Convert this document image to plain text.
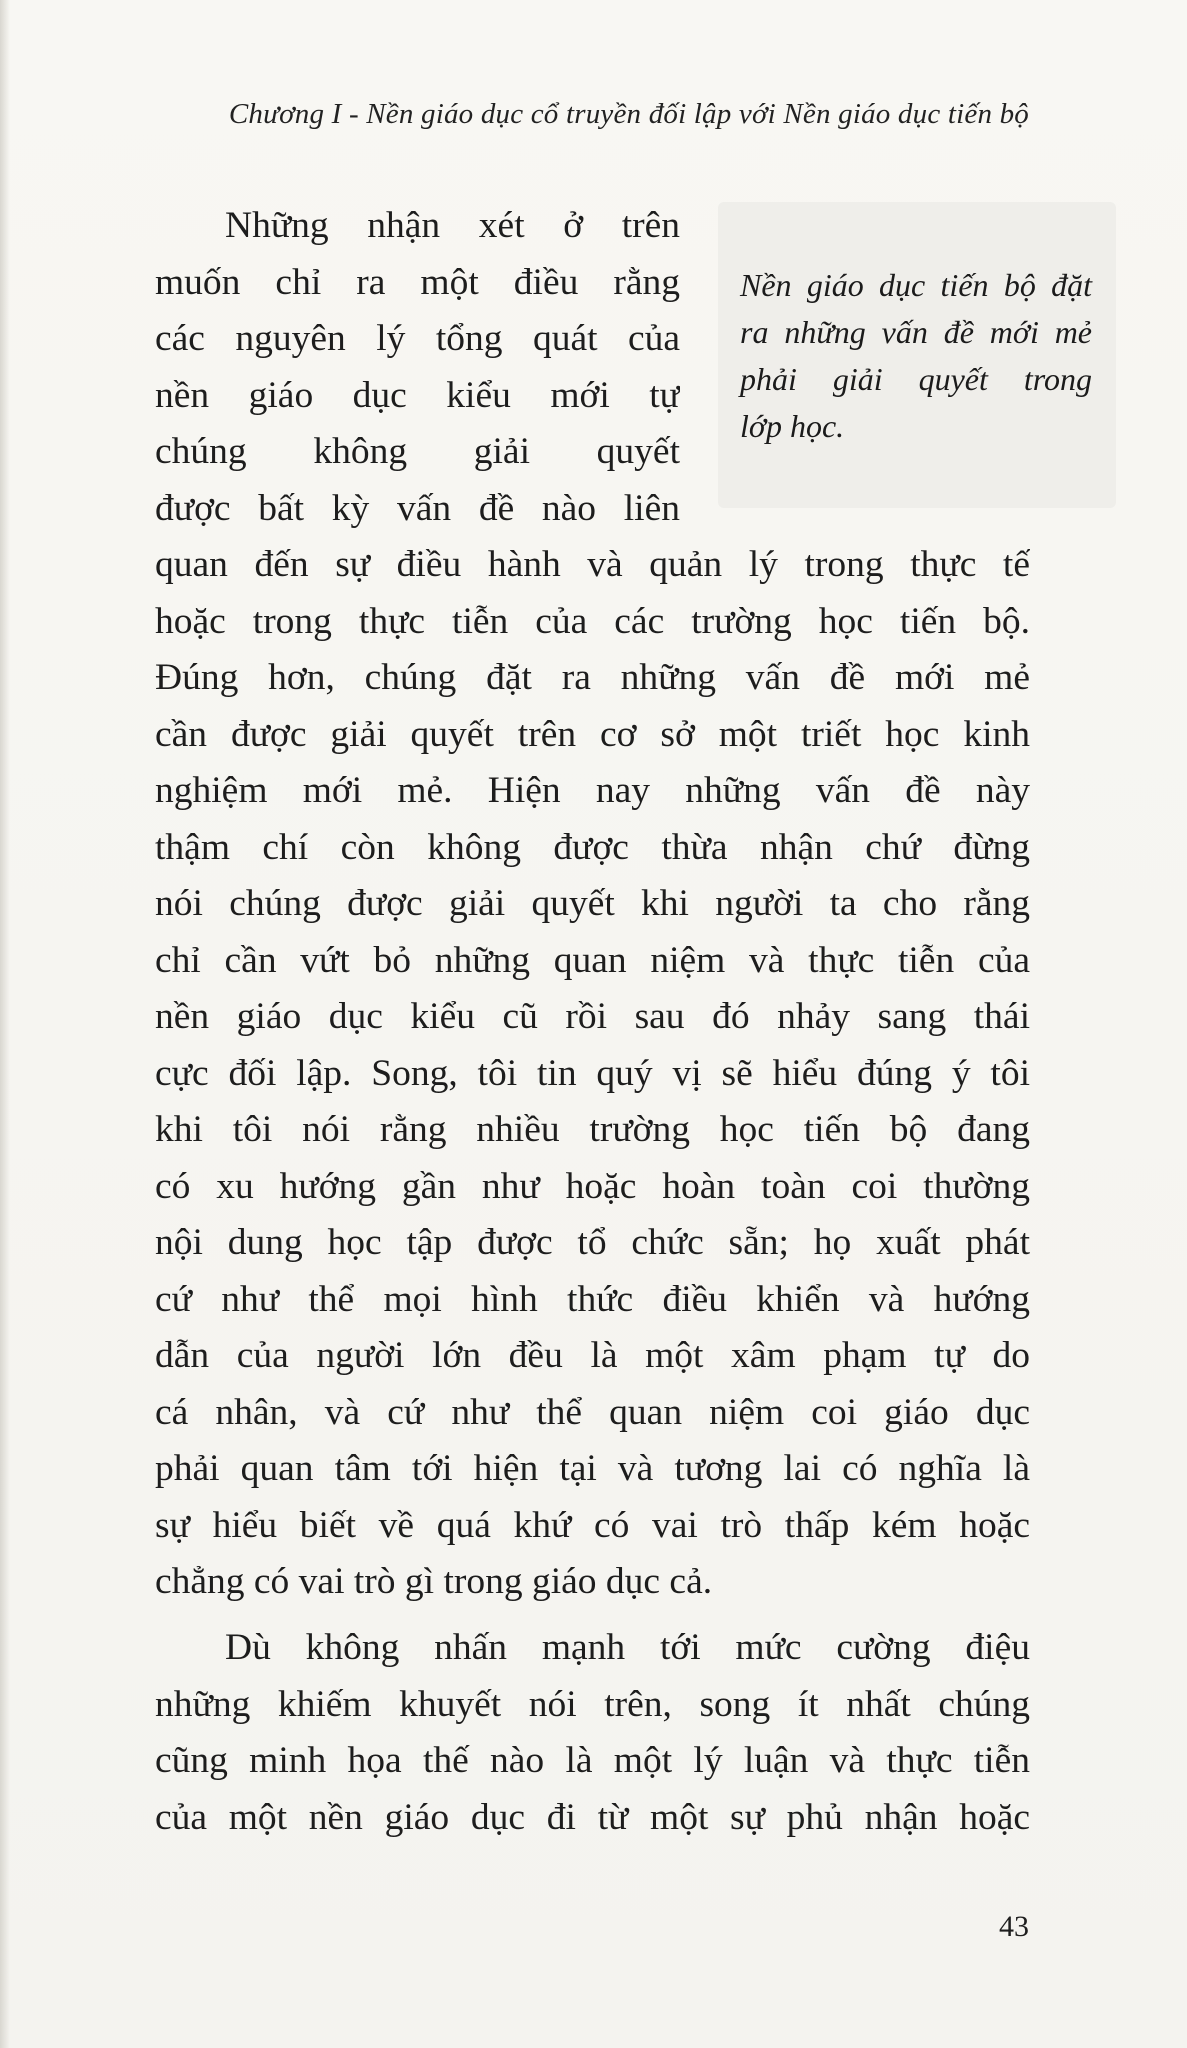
Chương I - Nền giáo dục cổ truyền đối lập với Nền giáo dục tiến bộ
Nền giáo dục tiến bộ đặt
ra những vấn đề mới mẻ
phải giải quyết trong
lớp học.
Những nhận xét ở trên
muốn chỉ ra một điều rằng
các nguyên lý tổng quát của
nền giáo dục kiểu mới tự
chúng không giải quyết
được bất kỳ vấn đề nào liên
quan đến sự điều hành và quản lý trong thực tế
hoặc trong thực tiễn của các trường học tiến bộ.
Đúng hơn, chúng đặt ra những vấn đề mới mẻ
cần được giải quyết trên cơ sở một triết học kinh
nghiệm mới mẻ. Hiện nay những vấn đề này
thậm chí còn không được thừa nhận chứ đừng
nói chúng được giải quyết khi người ta cho rằng
chỉ cần vứt bỏ những quan niệm và thực tiễn của
nền giáo dục kiểu cũ rồi sau đó nhảy sang thái
cực đối lập. Song, tôi tin quý vị sẽ hiểu đúng ý tôi
khi tôi nói rằng nhiều trường học tiến bộ đang
có xu hướng gần như hoặc hoàn toàn coi thường
nội dung học tập được tổ chức sẵn; họ xuất phát
cứ như thể mọi hình thức điều khiển và hướng
dẫn của người lớn đều là một xâm phạm tự do
cá nhân, và cứ như thể quan niệm coi giáo dục
phải quan tâm tới hiện tại và tương lai có nghĩa là
sự hiểu biết về quá khứ có vai trò thấp kém hoặc
chẳng có vai trò gì trong giáo dục cả.
Dù không nhấn mạnh tới mức cường điệu
những khiếm khuyết nói trên, song ít nhất chúng
cũng minh họa thế nào là một lý luận và thực tiễn
của một nền giáo dục đi từ một sự phủ nhận hoặc
43
